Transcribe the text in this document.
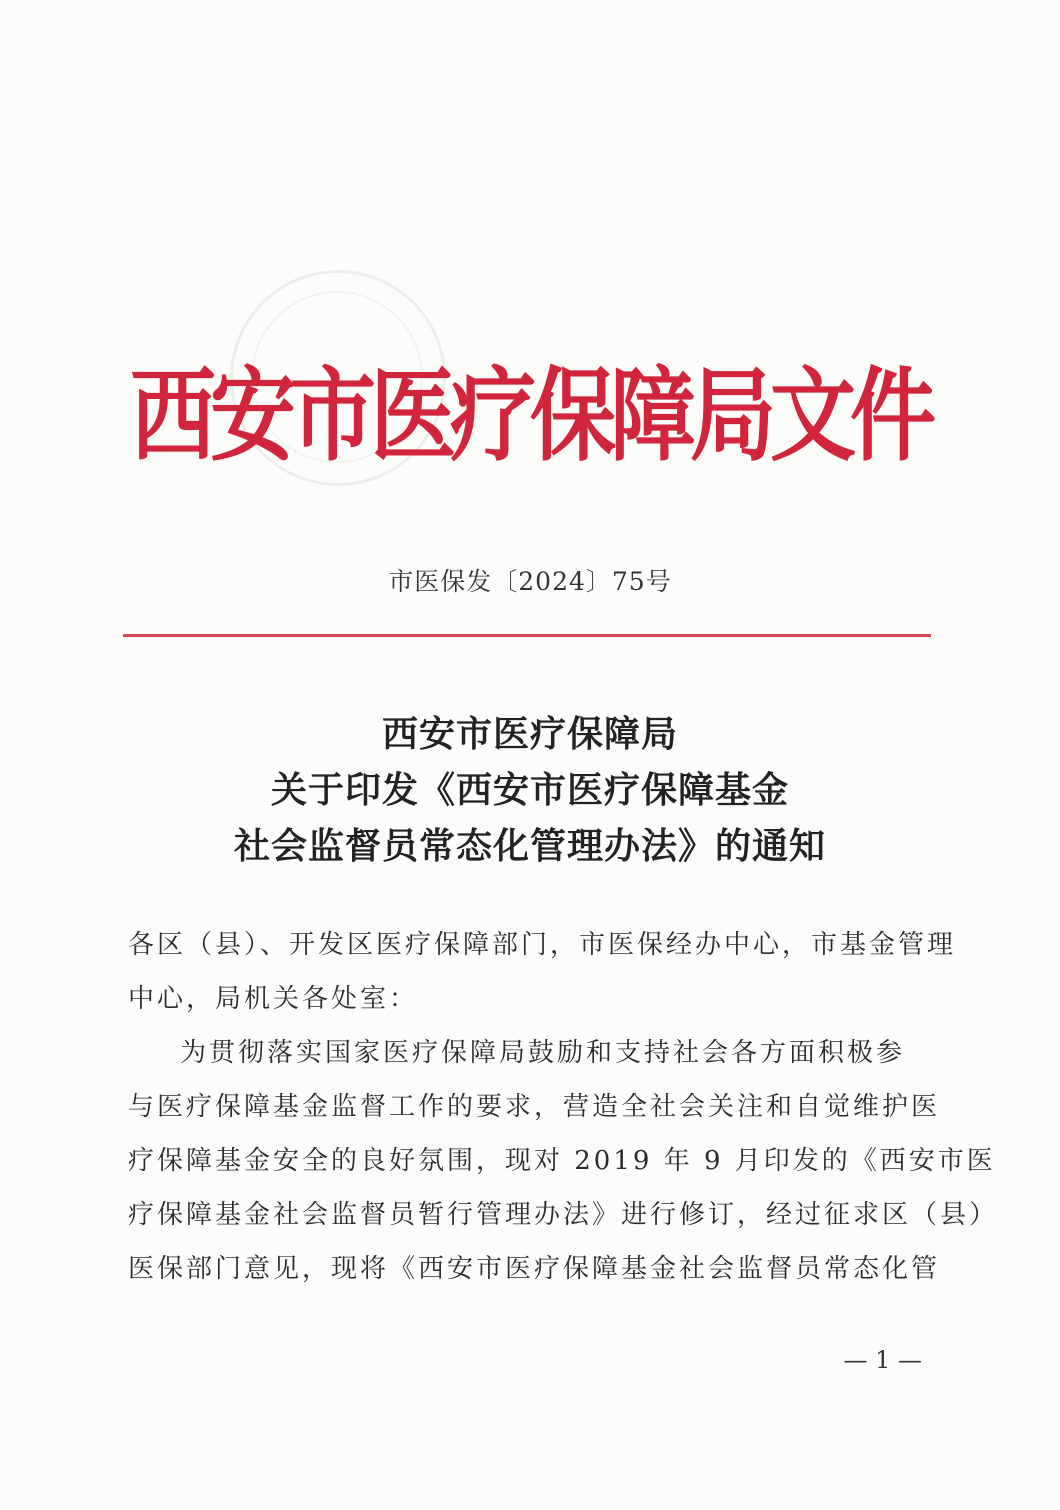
西安市医疗保障局文件
市医保发〔2024〕75号
西安市医疗保障局
关于印发《西安市医疗保障基金
社会监督员常态化管理办法》的通知

各区（县）、开发区医疗保障部门，市医保经办中心，市基金管理
中心，局机关各处室：

为贯彻落实国家医疗保障局鼓励和支持社会各方面积极参
与医疗保障基金监督工作的要求，营造全社会关注和自觉维护医
疗保障基金安全的良好氛围，现对 2019 年 9 月印发的《西安市医
疗保障基金社会监督员暂行管理办法》进行修订，经过征求区（县）
医保部门意见，现将《西安市医疗保障基金社会监督员常态化管

— 1 —
